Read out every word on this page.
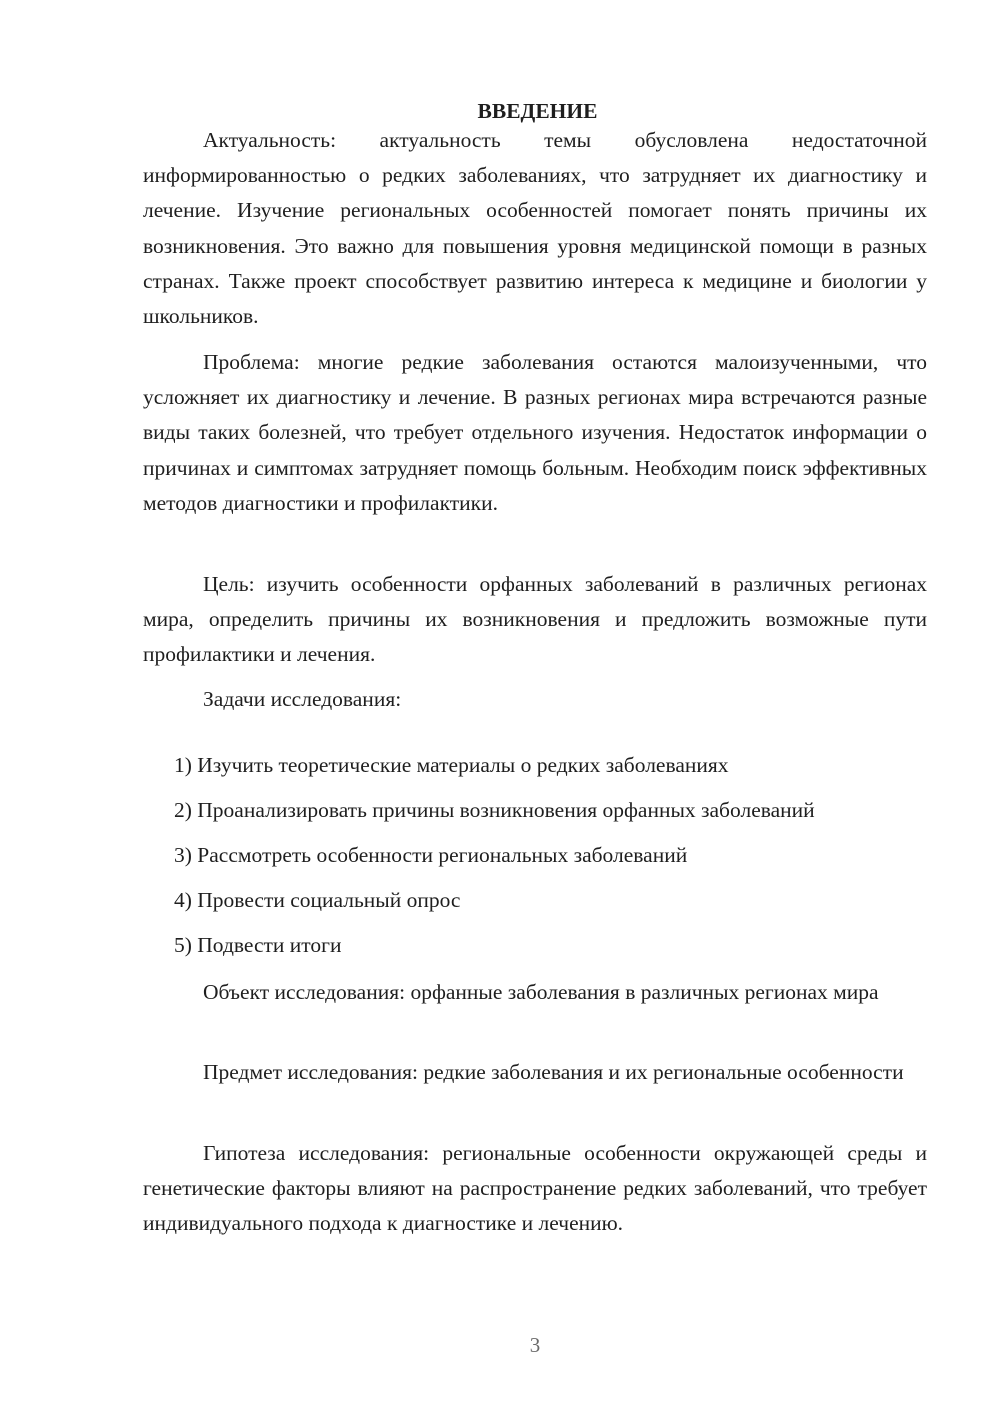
ВВЕДЕНИЕ

Актуальность: актуальность темы обусловлена недостаточной информированностью о редких заболеваниях, что затрудняет их диагностику и лечение. Изучение региональных особенностей помогает понять причины их возникновения. Это важно для повышения уровня медицинской помощи в разных странах. Также проект способствует развитию интереса к медицине и биологии у школьников.

Проблема: многие редкие заболевания остаются малоизученными, что усложняет их диагностику и лечение. В разных регионах мира встречаются разные виды таких болезней, что требует отдельного изучения. Недостаток информации о причинах и симптомах затрудняет помощь больным. Необходим поиск эффективных методов диагностики и профилактики.

Цель: изучить особенности орфанных заболеваний в различных регионах мира, определить причины их возникновения и предложить возможные пути профилактики и лечения.

Задачи исследования:

1) Изучить теоретические материалы о редких заболеваниях
2) Проанализировать причины возникновения орфанных заболеваний
3) Рассмотреть особенности региональных заболеваний
4) Провести социальный опрос
5) Подвести итоги

Объект исследования: орфанные заболевания в различных регионах мира

Предмет исследования: редкие заболевания и их региональные особенности

Гипотеза исследования: региональные особенности окружающей среды и генетические факторы влияют на распространение редких заболеваний, что требует индивидуального подхода к диагностике и лечению.

3
